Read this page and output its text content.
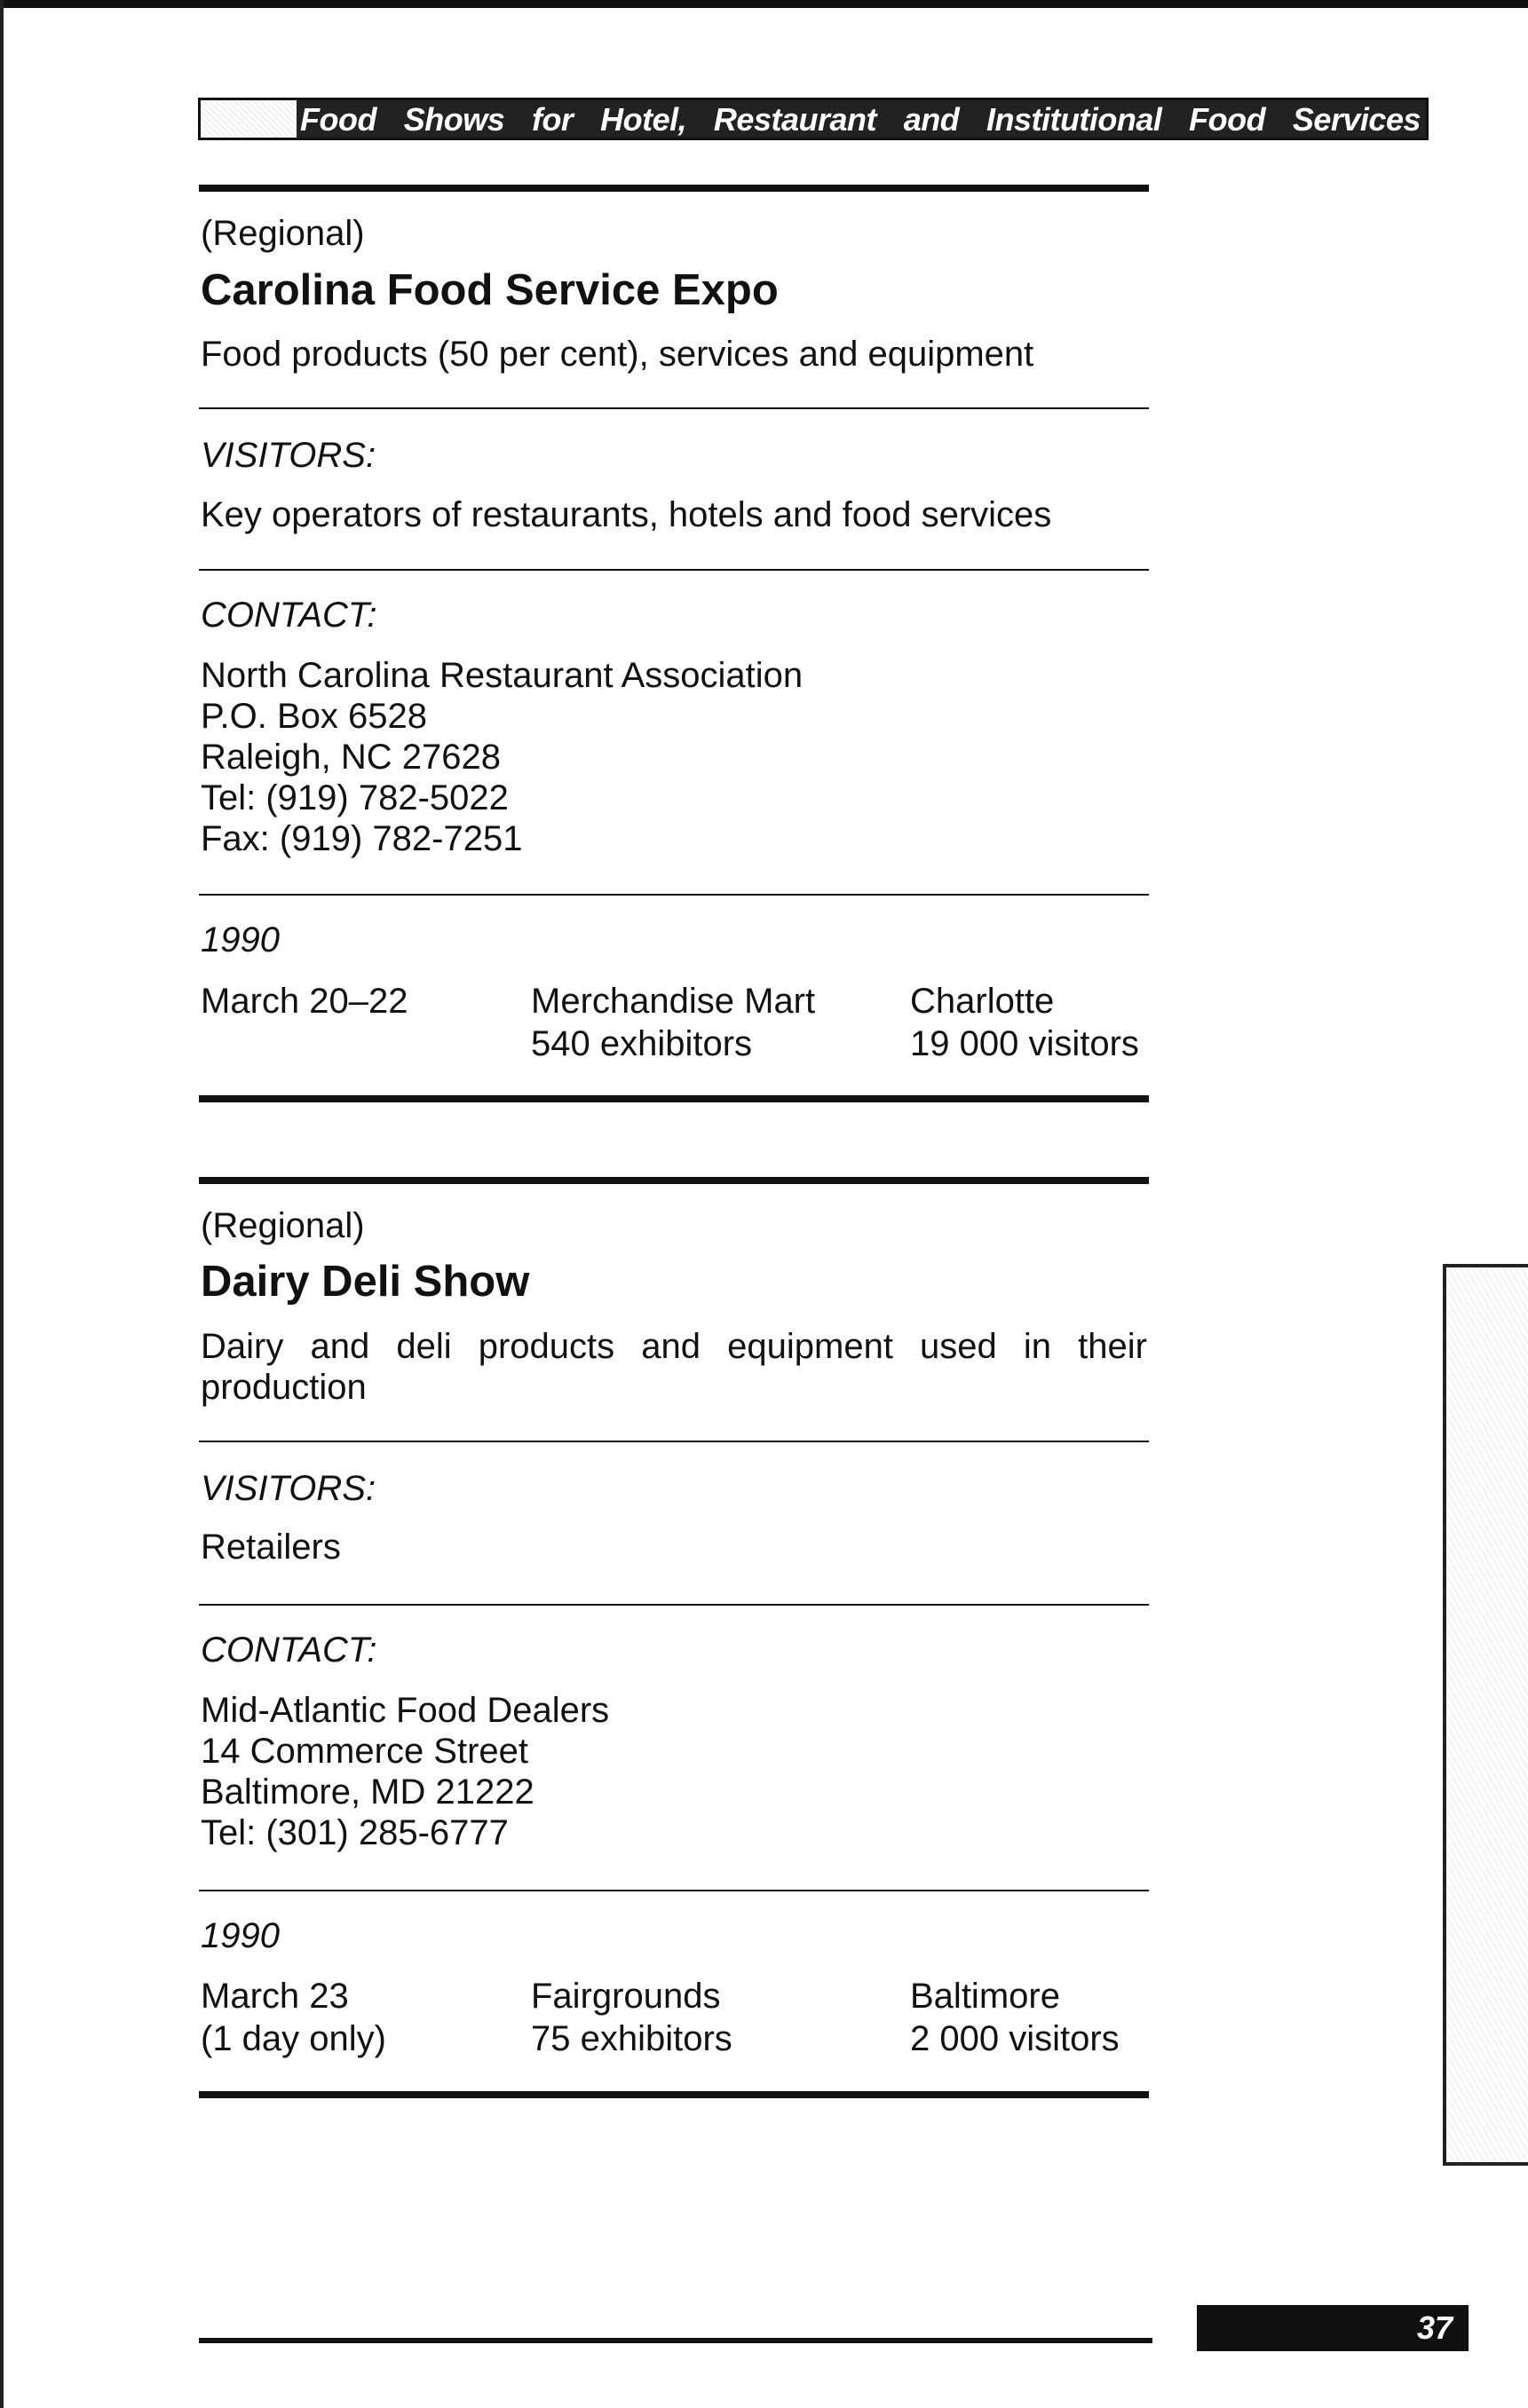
Food Shows for Hotel, Restaurant and Institutional Food Services
(Regional)
Carolina Food Service Expo
Food products (50 per cent), services and equipment
VISITORS:
Key operators of restaurants, hotels and food services
CONTACT:
North Carolina Restaurant Association
P.O. Box 6528
Raleigh, NC 27628
Tel: (919) 782-5022
Fax: (919) 782-7251
1990
March 20–22	Merchandise Mart
540 exhibitors
Charlotte
19 000 visitors
(Regional)
Dairy Deli Show
Dairy and deli products and equipment used in their production
VISITORS:
Retailers
CONTACT:
Mid-Atlantic Food Dealers
14 Commerce Street
Baltimore, MD 21222
Tel: (301) 285-6777
1990
March 23
(1 day only)
Fairgrounds
75 exhibitors
Baltimore
2 000 visitors
37
